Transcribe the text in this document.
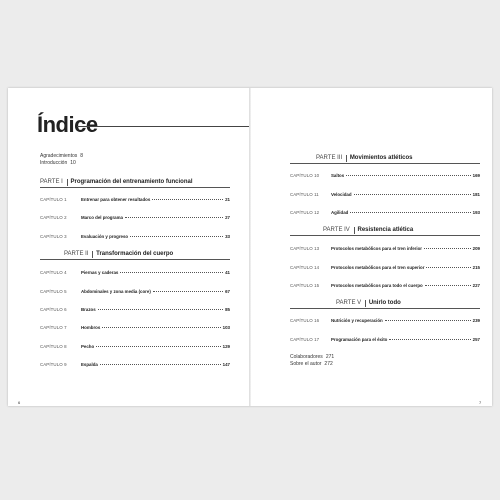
Índice
Agradecimientos 8
Introducción 10
PARTE I Programación del entrenamiento funcional
CAPÍTULO 1	Entrenar para obtener resultados	21
CAPÍTULO 2	Marco del programa	27
CAPÍTULO 3	Evaluación y progreso	33
PARTE II Transformación del cuerpo
CAPÍTULO 4	Piernas y caderas	41
CAPÍTULO 5	Abdominales y zona media (core)	67
CAPÍTULO 6	Brazos	85
CAPÍTULO 7	Hombros	103
CAPÍTULO 8	Pecho	129
CAPÍTULO 9	Espalda	147
PARTE III Movimientos atléticos
CAPÍTULO 10	Saltos	169
CAPÍTULO 11	Velocidad	181
CAPÍTULO 12	Agilidad	193
PARTE IV Resistencia atlética
CAPÍTULO 13	Protocolos metabólicos para el tren inferior	209
CAPÍTULO 14	Protocolos metabólicos para el tren superior	215
CAPÍTULO 15	Protocolos metabólicos para todo el cuerpo	227
PARTE V Unirlo todo
CAPÍTULO 16	Nutrición y recuperación	239
CAPÍTULO 17	Programación para el éxito	257
Colaboradores 271
Sobre el autor 272
6	7
